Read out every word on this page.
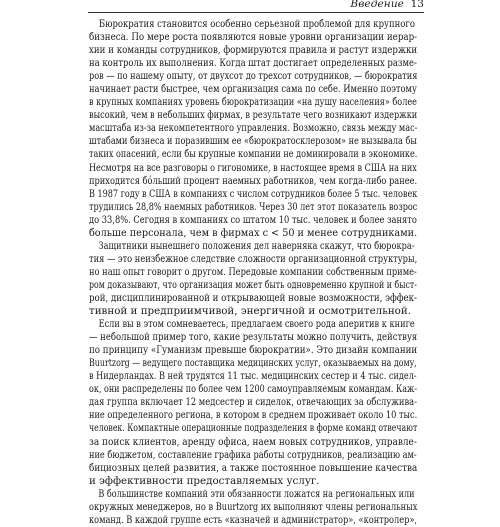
Введение 13
Бюрократия становится особенно серьезной проблемой для крупного
бизнеса. По мере роста появляются новые уровни организации иерар-
хии и команды сотрудников, формируются правила и растут издержки
на контроль их выполнения. Когда штат достигает определенных разме-
ров — по нашему опыту, от двухсот до трехсот сотрудников, — бюрократия
начинает расти быстрее, чем организация сама по себе. Именно поэтому
в крупных компаниях уровень бюрократизации «на душу населения» более
высокий, чем в небольших фирмах, в результате чего возникают издержки
масштаба из-за некомпетентного управления. Возможно, связь между мас-
штабами бизнеса и поразившим ее «бюрократосклерозом» не вызывала бы
таких опасений, если бы крупные компании не доминировали в экономике.
Несмотря на все разговоры о гигономике, в настоящее время в США на них
приходится бо́льший процент наемных работников, чем когда-либо ранее.
В 1987 году в США в компаниях с числом сотрудников более 5 тыс. человек
трудились 28,8% наемных работников. Через 30 лет этот показатель возрос
до 33,8%. Сегодня в компаниях со штатом 10 тыс. человек и более занято
больше персонала, чем в фирмах с < 50 и менее сотрудниками.
Защитники нынешнего положения дел наверняка скажут, что бюрокра-
тия — это неизбежное следствие сложности организационной структуры,
но наш опыт говорит о другом. Передовые компании собственным приме-
ром доказывают, что организация может быть одновременно крупной и быст-
рой, дисциплинированной и открывающей новые возможности, эффек-
тивной и предприимчивой, энергичной и осмотрительной.
Если вы в этом сомневаетесь, предлагаем своего рода аперитив к книге
— небольшой пример того, какие результаты можно получить, действуя
по принципу «Гуманизм превыше бюрократии». Это дизайн компании
Buurtzorg — ведущего поставщика медицинских услуг, оказываемых на дому,
в Нидерландах. В ней трудятся 11 тыс. медицинских сестер и 4 тыс. сидел-
ок, они распределены по более чем 1200 самоуправляемым командам. Каж-
дая группа включает 12 медсестер и сиделок, отвечающих за обслужива-
ние определенного региона, в котором в среднем проживает около 10 тыс.
человек. Компактные операционные подразделения в форме команд отвечают
за поиск клиентов, аренду офиса, наем новых сотрудников, управле-
ние бюджетом, составление графика работы сотрудников, реализацию ам-
бициозных целей развития, а также постоянное повышение качества
и эффективности предоставляемых услуг.
В большинстве компаний эти обязанности ложатся на региональных или
окружных менеджеров, но в Buurtzorg их выполняют члены региональных
команд. В каждой группе есть «казначей и администратор», «контролер»,
